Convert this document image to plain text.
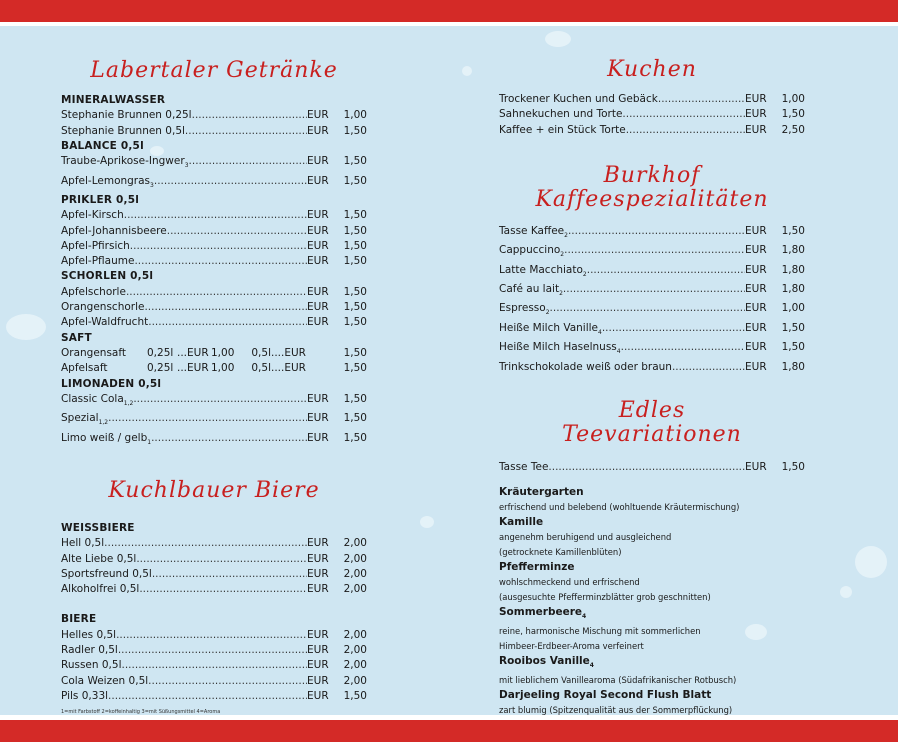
Labertaler Getränke
MINERALWASSER
Stephanie Brunnen 0,25l .....	EUR	1,00
Stephanie Brunnen 0,5l .....	EUR	1,50
BALANCE 0,5l
Traube-Aprikose-Ingwer$_3$ .....	EUR	1,50
Apfel-Lemongras$_3$ .....	EUR	1,50
PRIKLER 0,5l
Apfel-Kirsch .....	EUR	1,50
Apfel-Johannisbeere .....	EUR	1,50
Apfel-Pfirsich .....	EUR	1,50
Apfel-Pflaume .....	EUR	1,50
SCHORLEN 0,5l
Apfelschorle .....	EUR	1,50
Orangenschorle .....	EUR	1,50
Apfel-Waldfrucht .....	EUR	1,50
SAFT
Orangensaft	0,25l ...EUR 1,00	0,5l ....EUR	1,50
Apfelsaft	0,25l ...EUR 1,00	0,5l ....EUR	1,50
LIMONADEN 0,5l
Classic Cola$_{1,2}$ .....	EUR	1,50
Spezial$_{1,2}$ .....	EUR	1,50
Limo weiß / gelb$_1$ .....	EUR	1,50
Kuchlbauer Biere
WEISSBIERE
Hell 0,5l .....	EUR	2,00
Alte Liebe 0,5l .....	EUR	2,00
Sportsfreund 0,5l .....	EUR	2,00
Alkoholfrei 0,5l .....	EUR	2,00
BIERE
Helles 0,5l .....	EUR	2,00
Radler 0,5l .....	EUR	2,00
Russen 0,5l .....	EUR	2,00
Cola Weizen 0,5l .....	EUR	2,00
Pils 0,33l .....	EUR	1,50
1=mit Farbstoff 2=koffeinhaltig 3=mit Süßungsmittel 4=Aroma
Kuchen
Trockener Kuchen und Gebäck .....	EUR	1,00
Sahnekuchen und Torte .....	EUR	1,50
Kaffee + ein Stück Torte .....	EUR	2,50
Burkhof
Kaffeespezialitäten
Tasse Kaffee$_2$ .....	EUR	1,50
Cappuccino$_2$ .....	EUR	1,80
Latte Macchiato$_2$ .....	EUR	1,80
Café au lait$_2$ .....	EUR	1,80
Espresso$_2$ .....	EUR	1,00
Heiße Milch Vanille$_4$ .....	EUR	1,50
Heiße Milch Haselnuss$_4$ .....	EUR	1,50
Trinkschokolade weiß oder braun .....	EUR	1,80
Edles
Teevariationen
Tasse Tee .....	EUR	1,50
Kräutergarten
erfrischend und belebend (wohltuende Kräutermischung)
Kamille
angenehm beruhigend und ausgleichend
(getrocknete Kamillenblüten)
Pfefferminze
wohlschmeckend und erfrischend
(ausgesuchte Pfefferminzblätter grob geschnitten)
Sommerbeere$_4$
reine, harmonische Mischung mit sommerlichen
Himbeer-Erdbeer-Aroma verfeinert
Rooibos Vanille$_4$
mit lieblichem Vanillearoma (Südafrikanischer Rotbusch)
Darjeeling Royal Second Flush Blatt
zart blumig (Spitzenqualität aus der Sommerpflückung)
